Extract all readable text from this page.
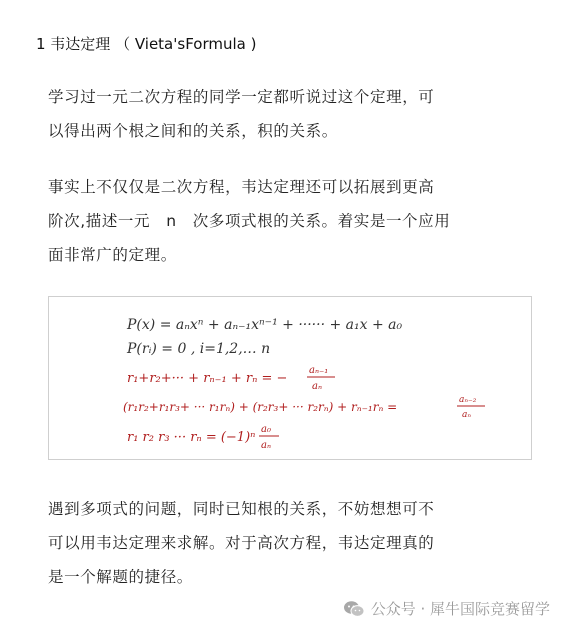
1 韦达定理 （ Vieta'sFormula )
学习过一元二次方程的同学一定都听说过这个定理，可
以得出两个根之间和的关系，积的关系。
事实上不仅仅是二次方程，韦达定理还可以拓展到更高
阶次,描述一元　n　次多项式根的关系。着实是一个应用
面非常广的定理。
P(x) = aₙxⁿ + aₙ₋₁xⁿ⁻¹ + ······ + a₁x + a₀
P(rᵢ) = 0 , i=1,2,… n
r₁+r₂+··· + rₙ₋₁ + rₙ = −
aₙ₋₁
aₙ
(r₁r₂+r₁r₃+ ··· r₁rₙ) + (r₂r₃+ ··· r₂rₙ) + rₙ₋₁rₙ =	aₙ₋₂
aₙ
r₁ r₂ r₃ ··· rₙ = (−1)ⁿ
a₀
aₙ
遇到多项式的问题，同时已知根的关系，不妨想想可不
可以用韦达定理来求解。对于高次方程，韦达定理真的
是一个解题的捷径。
公众号 · 犀牛国际竞赛留学
